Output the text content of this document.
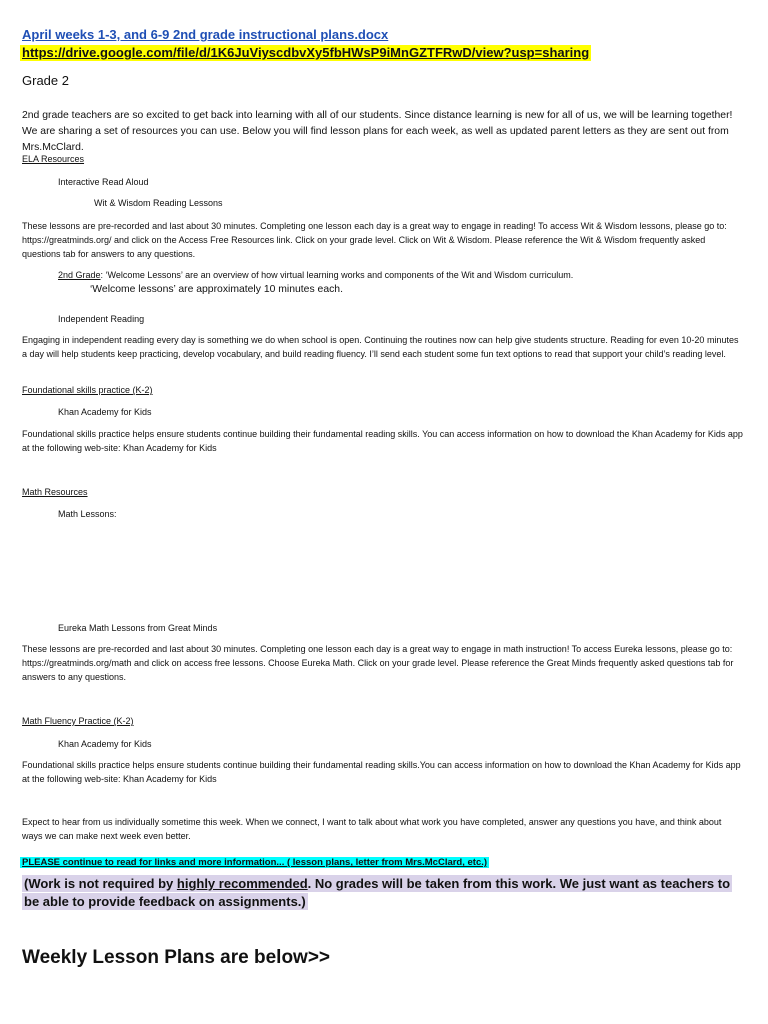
April weeks 1-3, and 6-9 2nd grade instructional plans.docx
https://drive.google.com/file/d/1K6JuViyscdbvXy5fbHWsP9iMnGZTFRwD/view?usp=sharing
Grade 2

2nd grade teachers are so excited to get back into learning with all of our students. Since distance learning is new for all of us, we will be learning together! We are sharing a set of resources you can use. Below you will find lesson plans for each week, as well as updated parent letters as they are sent out from Mrs.McClard.

ELA Resources
Interactive Read Aloud
Wit & Wisdom Reading Lessons

These lessons are pre-recorded and last about 30 minutes. Completing one lesson each day is a great way to engage in reading! To access Wit & Wisdom lessons, please go to: https://greatminds.org/ and click on the Access Free Resources link. Click on your grade level. Click on Wit & Wisdom. Please reference the Wit & Wisdom frequently asked questions tab for answers to any questions.

2nd Grade: ‘Welcome Lessons’ are an overview of how virtual learning works and components of the Wit and Wisdom curriculum.
‘Welcome lessons’ are approximately 10 minutes each.
Independent Reading

Engaging in independent reading every day is something we do when school is open. Continuing the routines now can help give students structure. Reading for even 10-20 minutes a day will help students keep practicing, develop vocabulary, and build reading fluency. I’ll send each student some fun text options to read that support your child’s reading level.

Foundational skills practice (K-2)
Khan Academy for Kids

Foundational skills practice helps ensure students continue building their fundamental reading skills. You can access information on how to download the Khan Academy for Kids app at the following web-site: Khan Academy for Kids

Math Resources
Math Lessons:
Eureka Math Lessons from Great Minds

These lessons are pre-recorded and last about 30 minutes. Completing one lesson each day is a great way to engage in math instruction! To access Eureka lessons, please go to: https://greatminds.org/math and click on access free lessons. Choose Eureka Math. Click on your grade level. Please reference the Great Minds frequently asked questions tab for answers to any questions.

Math Fluency Practice (K-2)
Khan Academy for Kids

Foundational skills practice helps ensure students continue building their fundamental reading skills.You can access information on how to download the Khan Academy for Kids app at the following web-site: Khan Academy for Kids

Expect to hear from us individually sometime this week. When we connect, I want to talk about what work you have completed, answer any questions you have, and think about ways we can make next week even better.

PLEASE continue to read for links and more information... ( lesson plans, letter from Mrs.McClard, etc.)
(Work is not required by highly recommended. No grades will be taken from this work. We just want as teachers to be able to provide feedback on assignments.)
Weekly Lesson Plans are below>>
